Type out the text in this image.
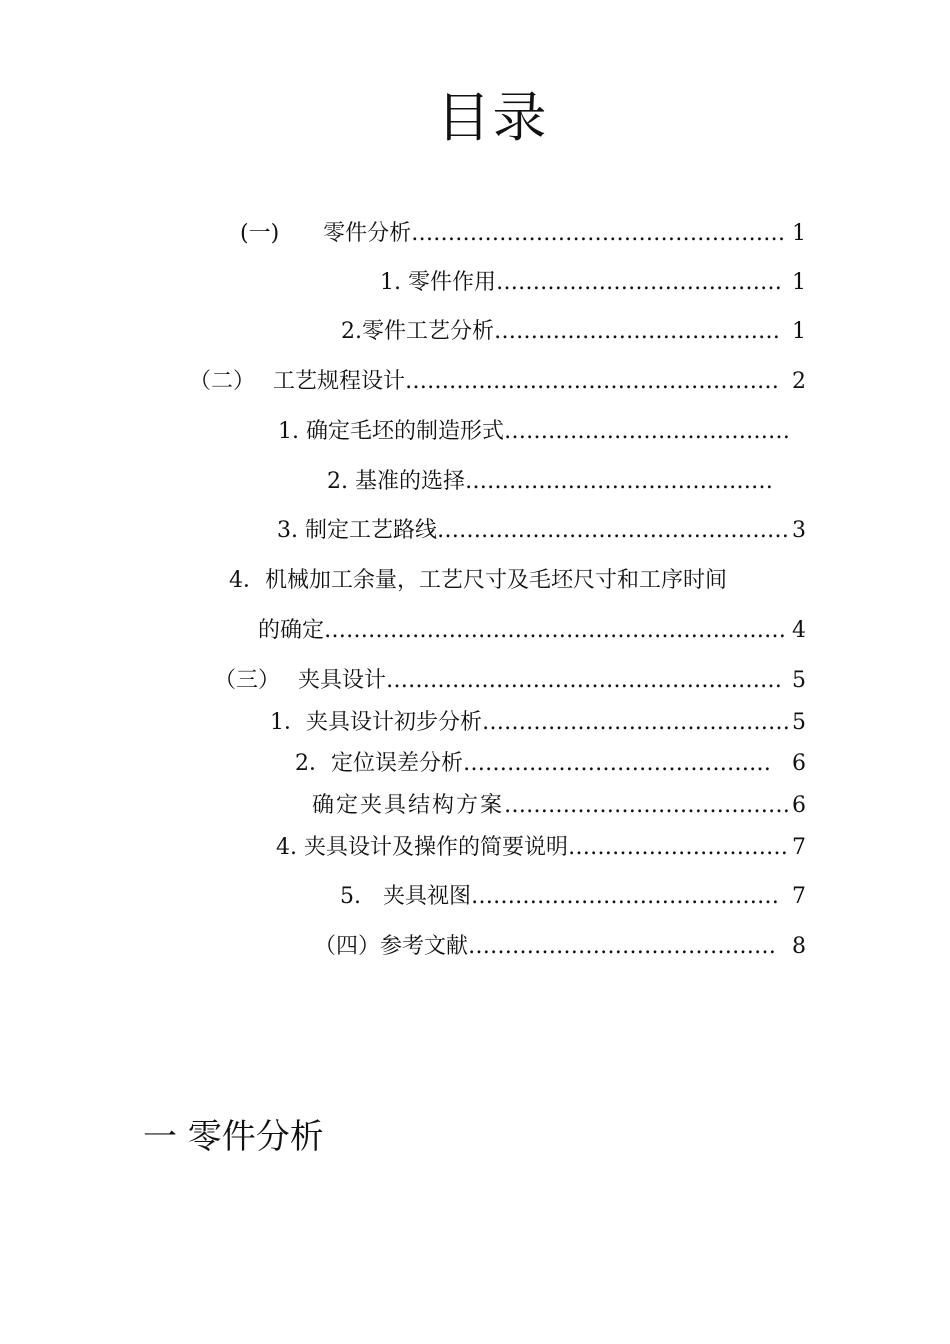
目录
(一)　　零件分析…………………………………………… 1
1. 零件作用………………………………… 1
2.零件工艺分析………………………………… 1
（二）　 工艺规程设计…………………………………………… 2
1. 确定毛坯的制造形式…………………………………
2. 基准的选择……………………………………
3. 制定工艺路线………………………………………… 3
4．机械加工余量，工艺尺寸及毛坯尺寸和工序时间
的确定……………………………………………………… 4
（三）　 夹具设计……………………………………………… 5
1．夹具设计初步分析…………………………………… 5
2．定位误差分析…………………………………… 6
确定夹具结构方案………………………………… 6
4. 夹具设计及操作的简要说明………………………… 7
5.　夹具视图…………………………………… 7
（四）参考文献…………………………………… 8
一 零件分析
